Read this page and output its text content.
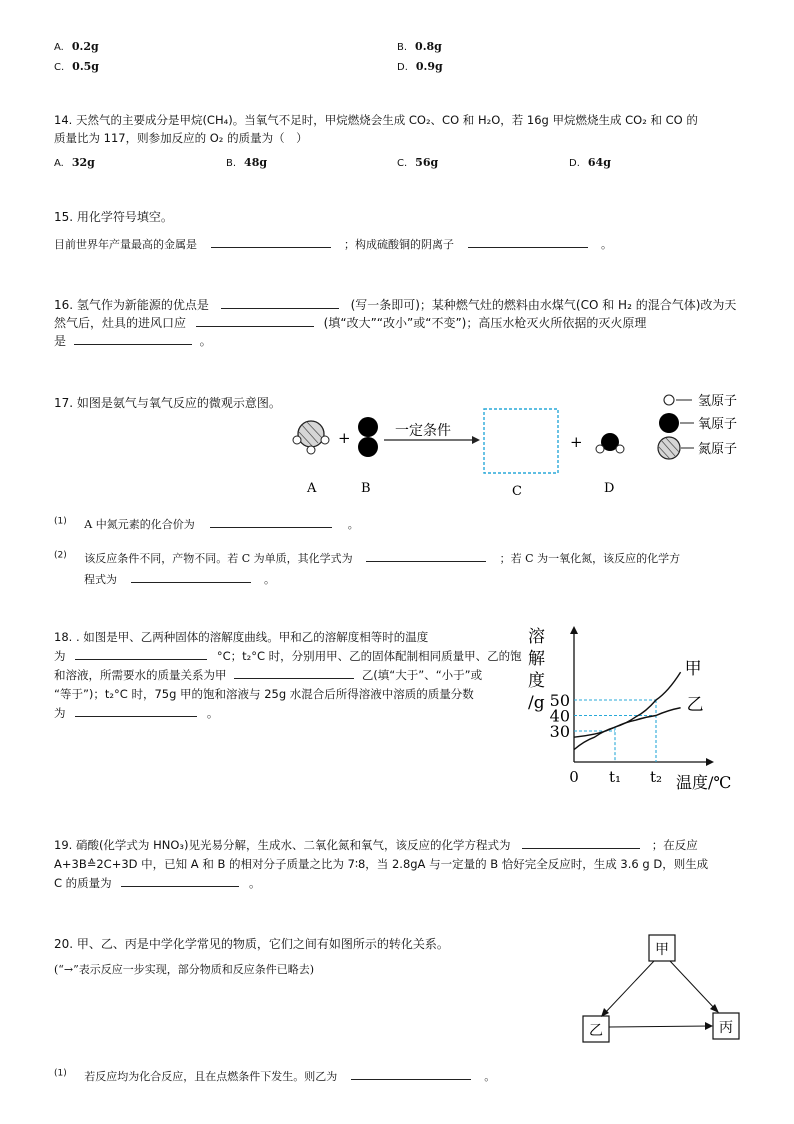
A. 0.2g	B. 0.8g
C. 0.5g	D. 0.9g
14. 天然气的主要成分是甲烷(CH₄)。当氧气不足时，甲烷燃烧会生成 CO₂、CO 和 H₂O，若 16g 甲烷燃烧生成 CO₂ 和 CO 的
质量比为 117，则参加反应的 O₂ 的质量为（　）
A. 32g	B. 48g	C. 56g	D. 64g
15. 用化学符号填空。
目前世界年产量最高的金属是	；构成硫酸铜的阴离子	。
16. 氢气作为新能源的优点是	(写一条即可)；某种燃气灶的燃料由水煤气(CO 和 H₂ 的混合气体)改为天
然气后，灶具的进风口应	(填“改大”“改小”或“不变”)；高压水枪灭火所依据的灭火原理
是	。
17. 如图是氨气与氧气反应的微观示意图。
+	一定条件
+
A	B	C	D
氢原子
氧原子
氮原子
$^{(1)}$ A 中氮元素的化合价为	。
$^{(2)}$ 该反应条件不同，产物不同。若 C 为单质，其化学式为	；若 C 为一氧化氮，该反应的化学方
程式为	。
18. . 如图是甲、乙两种固体的溶解度曲线。甲和乙的溶解度相等时的温度
为	°C；t₂°C 时，分别用甲、乙的固体配制相同质量甲、乙的饱
和溶液，所需要水的质量关系为甲	乙(填“大于”、“小于”或
“等于”)；t₂°C 时，75g 甲的饱和溶液与 25g 水混合后所得溶液中溶质的质量分数
为	。
溶
解
度
/g
30
40
50
0 t₁ t₂ 温度/℃
甲
乙
19. 硝酸(化学式为 HNO₃)见光易分解，生成水、二氧化氮和氧气，该反应的化学方程式为	；在反应
A+3B≙2C+3D 中，已知 A 和 B 的相对分子质量之比为 7∶8，当 2.8gA 与一定量的 B 恰好完全反应时，生成 3.6 g D，则生成
C 的质量为	。
20. 甲、乙、丙是中学化学常见的物质，它们之间有如图所示的转化关系。
(“→”表示反应一步实现，部分物质和反应条件已略去)
甲
乙	丙
$^{(1)}$ 若反应均为化合反应，且在点燃条件下发生。则乙为	。
